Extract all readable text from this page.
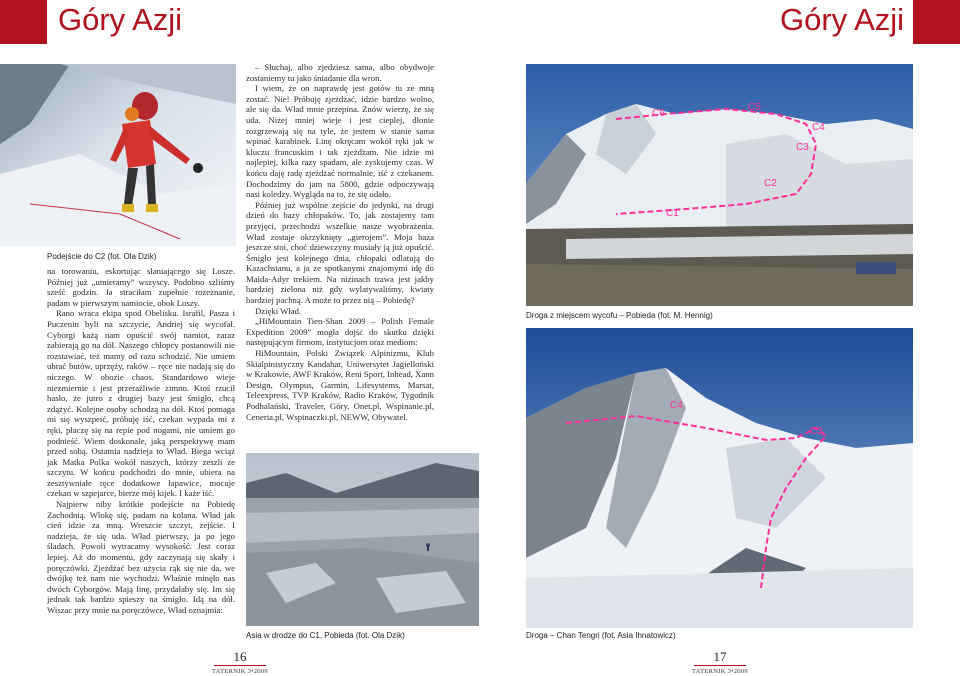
Góry Azji	Góry Azji
Podejście do C2 (fot. Ola Dzik)

na torowaniu, eskortując słaniającego się Losze. Później już „umieramy” wszyscy. Podobno szliśmy sześć godzin. Ja straciłam zupełnie rozeznanie, padam w pierwszym namiocie, obok Loszy.

Rano wraca ekipa spod Obelisku. Israfil, Pasza i Puczenin byli na szczycie, Andriej się wycofał. Cyborgi każą nam opuścić swój namiot, zaraz zabierają go na dół. Naszego chłopcy postanowili nie rozstawiać, też mamy od razu schodzić. Nie umiem ubrać butów, uprzęży, raków – ręce nie nadają się do niczego. W obozie chaos. Standardowo wieje niezmiernie i jest przeraźliwie zimno. Ktoś rzucił hasło, że jutro z drugiej bazy jest śmigło, chcą zdążyć. Kolejne osoby schodzą na dół. Ktoś pomaga mi się wyszpeić, próbuję iść, czekan wypada mi z ręki, płaczę się na repie pod nogami, nie umiem go podnieść. Wiem doskonale, jaką perspektywę mam przed sobą. Ostatnia nadzieja to Wład. Biega wciąż jak Matka Polka wokół naszych, którzy zeszli ze szczytu. W końcu podchodzi do mnie, ubiera na zesztywniałe ręce dodatkowe łapawice, mocuje czekan w szpejarce, bierze mój kijek. I każe iść.

Najpierw niby krótkie podejście na Pobiedę Zachodnią. Wlokę się, padam na kolana. Wład jak cień idzie za mną. Wreszcie szczyt, zejście. I nadzieja, że się uda. Wład pierwszy, ja po jego śladach. Powoli wytracamy wysokość. Jest coraz lepiej. Aż do momentu, gdy zaczynają się skały i poręczówki. Zjeżdżać bez użycia rąk się nie da, we dwójkę też nam nie wychodzi. Właśnie minęło nas dwóch Cyborgów. Mają linę, przydałaby się. Im się jednak tak bardzo spieszy na śmigło. Idą na dół. Wiszac przy mnie na poręczówce, Wład oznajmia:

– Słuchaj, albo zjedziesz sama, albo obydwoje zostaniemy tu jako śniadanie dla wron.

I wiem, że on naprawdę jest gotów tu ze mną zostać. Nie! Próbuję zjeżdżać, idzie bardzo wolno, ale się da. Wład mnie przepina. Znów wierzę, że się uda. Niżej mniej wieje i jest cieplej, dłonie rozgrzewają się na tyle, że jestem w stanie sama wpinać karabinek. Linę okręcam wokół ręki jak w kluczu francuskim i tak zjeżdżam. Nie idzie mi najlepiej, kilka razy spadam, ale zyskujemy czas. W końcu daję radę zjeżdżać normalnie, iść z czekanem. Dochodzimy do jam na 5800, gdzie odpoczywają nasi koledzy. Wygląda na to, że się udało.

Później już wspólne zejście do jedynki, na drugi dzień do bazy chłopaków. To, jak zostajemy tam przyjęci, przechodzi wszelkie nasze wyobrażenia. Wład zostaje okrzyknięty „gierojem”. Moja baza jeszcze stoi, choć dziewczyny musiały ją już opuścić. Śmigło jest kolejnego dnia, chłopaki odlatują do Kazachstanu, a ja ze spotkanymi znajomymi idę do Maida-Adyr trekiem. Na nizinach trawa jest jakby bardziej zielona niż gdy wylatywaliśmy, kwiaty bardziej pachną. A może to przez nią – Pobiedę?

Dzięki Wład.

„HiMountain Tien-Shan 2009 – Polish Female Expedition 2009” mogła dojść do skutku dzięki następującym firmom, instytucjom oraz mediom:

HiMountain, Polski Związek Alpinizmu, Klub Skialpinistyczny Kandahar, Uniwersytet Jagielloński w Krakowie, AWF Kraków, Reni Sport, Inhead, Xann Design, Olympus, Garmin, Lifesystems, Marsat, Teleexpress, TVP Kraków, Radio Kraków, Tygodnik Podhalański, Traveler, Góry, Onet.pl, Wspinanie.pl, Ceneria.pl, Wspinaczki.pl, NEWW, Obywatel.

Asia w drodze do C1, Pobieda (fot. Ola Dzik)
C6
C5
C4
C3
C2
C1
Droga z miejscem wycofu – Pobieda (fot. M. Hennig)
C4
C3
Droga – Chan Tengri (fot. Asia Ihnatowicz)
16
TATERNIK 3•2009
17
TATERNIK 3•2009
